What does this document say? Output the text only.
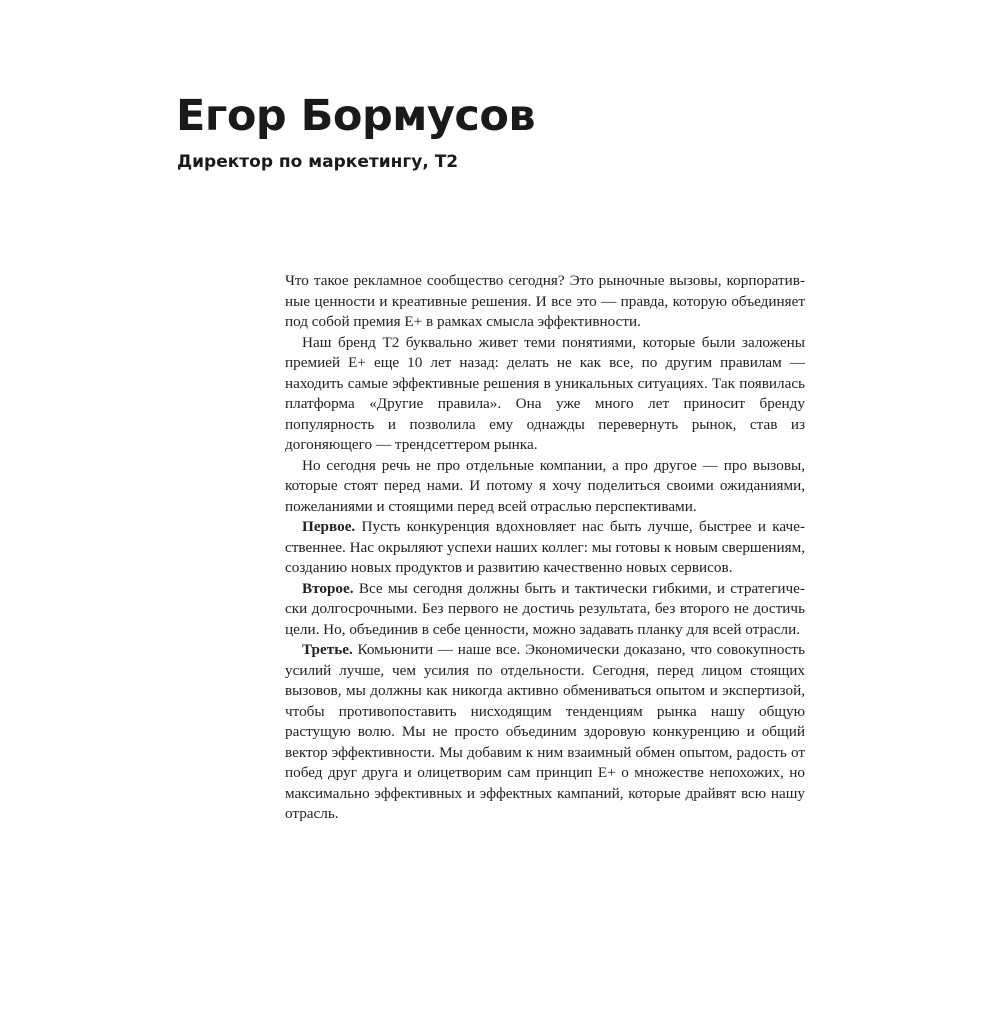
Егор Бормусов
Директор по маркетингу, Т2

Что такое рекламное сообщество сегодня? Это рыночные вызовы, корпоративные ценности и креативные решения. И все это — правда, которую объединяет под собой премия E+ в рамках смысла эффективности.

Наш бренд Т2 буквально живет теми понятиями, которые были заложены премией E+ еще 10 лет назад: делать не как все, по другим правилам — находить самые эффективные решения в уникальных ситуациях. Так появилась платформа «Другие правила». Она уже много лет приносит бренду популярность и позволила ему однажды перевернуть рынок, став из догоняющего — трендсеттером рынка.

Но сегодня речь не про отдельные компании, а про другое — про вызовы, которые стоят перед нами. И потому я хочу поделиться своими ожиданиями, пожеланиями и стоящими перед всей отраслью перспективами.

Первое. Пусть конкуренция вдохновляет нас быть лучше, быстрее и качественнее. Нас окрыляют успехи наших коллег: мы готовы к новым свершениям, созданию новых продуктов и развитию качественно новых сервисов.

Второе. Все мы сегодня должны быть и тактически гибкими, и стратегически долгосрочными. Без первого не достичь результата, без второго не достичь цели. Но, объединив в себе ценности, можно задавать планку для всей отрасли.

Третье. Комьюнити — наше все. Экономически доказано, что совокупность усилий лучше, чем усилия по отдельности. Сегодня, перед лицом стоящих вызовов, мы должны как никогда активно обмениваться опытом и экспертизой, чтобы противопоставить нисходящим тенденциям рынка нашу общую растущую волю. Мы не просто объединим здоровую конкуренцию и общий вектор эффективности. Мы добавим к ним взаимный обмен опытом, радость от побед друг друга и олицетворим сам принцип E+ о множестве непохожих, но максимально эффективных и эффектных кампаний, которые драйвят всю нашу отрасль.
